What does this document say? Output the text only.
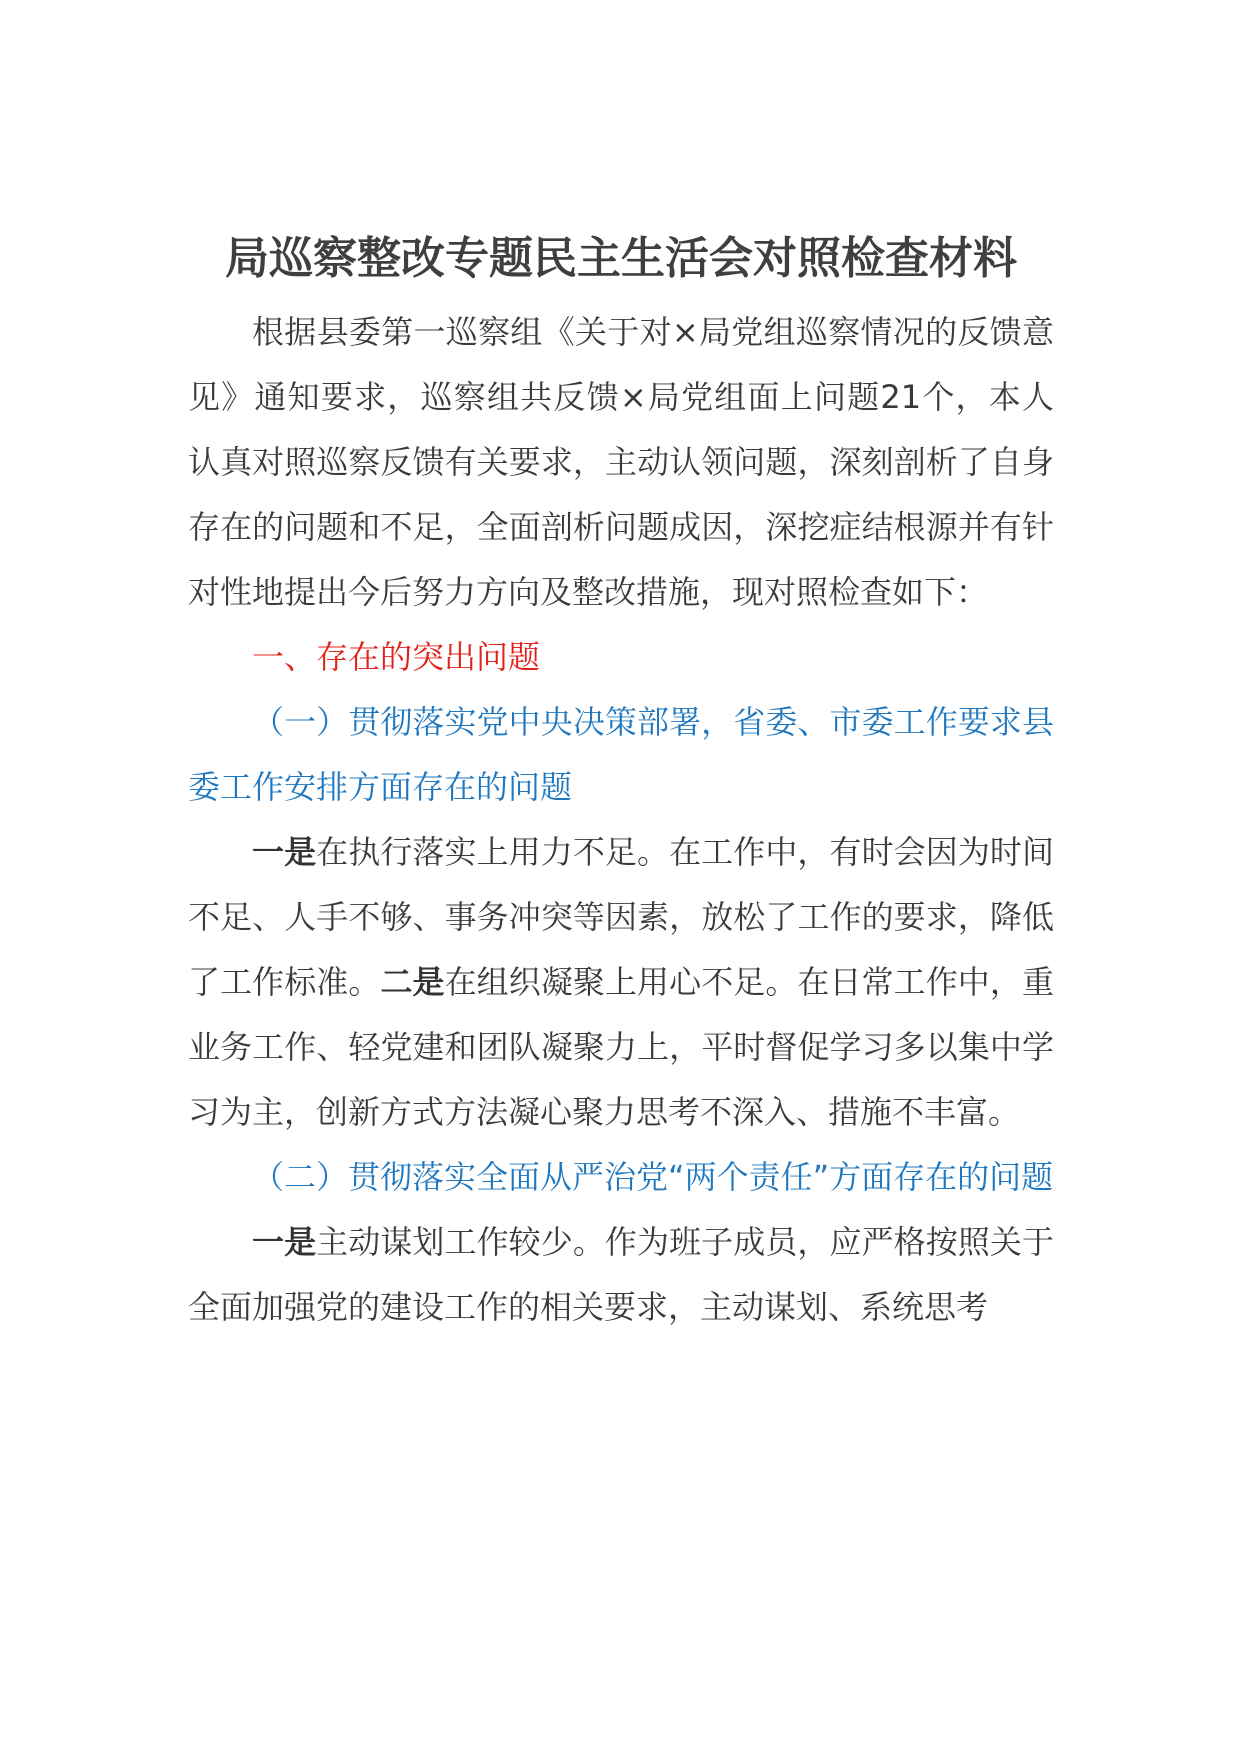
局巡察整改专题民主生活会对照检查材料

根据县委第一巡察组《关于对×局党组巡察情况的反馈意见》通知要求，巡察组共反馈×局党组面上问题21个，本人认真对照巡察反馈有关要求，主动认领问题，深刻剖析了自身存在的问题和不足，全面剖析问题成因，深挖症结根源并有针对性地提出今后努力方向及整改措施，现对照检查如下：

一、存在的突出问题

（一）贯彻落实党中央决策部署，省委、市委工作要求县委工作安排方面存在的问题

一是在执行落实上用力不足。在工作中，有时会因为时间不足、人手不够、事务冲突等因素，放松了工作的要求，降低了工作标准。二是在组织凝聚上用心不足。在日常工作中，重业务工作、轻党建和团队凝聚力上，平时督促学习多以集中学习为主，创新方式方法凝心聚力思考不深入、措施不丰富。

（二）贯彻落实全面从严治党“两个责任”方面存在的问题

一是主动谋划工作较少。作为班子成员，应严格按照关于全面加强党的建设工作的相关要求，主动谋划、系统思考
